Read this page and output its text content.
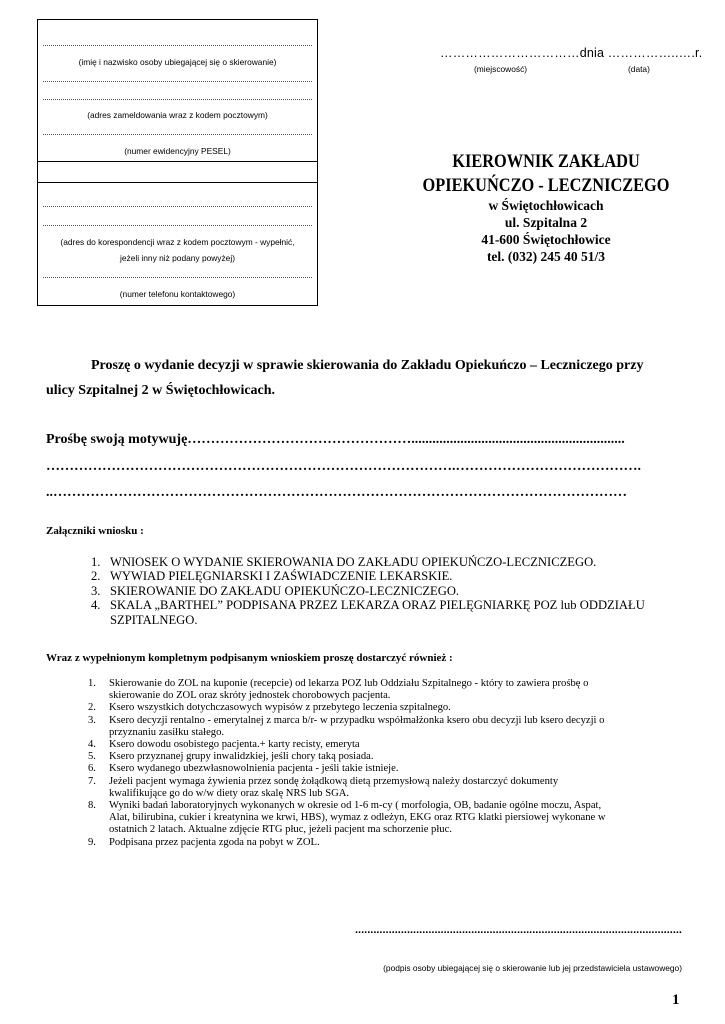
(imię i nazwisko osoby ubiegającej się o skierowanie)
(adres zameldowania wraz z kodem pocztowym)
(numer ewidencyjny PESEL)
(adres do korespondencji wraz z kodem pocztowym - wypełnić,
jeżeli inny niż podany powyżej)
(numer telefonu kontaktowego)
……………………………dnia ……………..….r.
(miejscowość)	(data)
KIEROWNIK ZAKŁADU
OPIEKUŃCZO - LECZNICZEGO
w Świętochłowicach
ul. Szpitalna 2
41-600 Świętochłowice
tel. (032) 245 40 51/3

Proszę o wydanie decyzji w sprawie skierowania do Zakładu Opiekuńczo – Leczniczego przy

ulicy Szpitalnej 2 w Świętochłowicach.

Prośbę swoją motywuję………………………………………….............................................................
…………………………………………………………………………….………………………………….
..……………………………………………………………………………………………………………
Załączniki wniosku :
1. WNIOSEK O WYDANIE SKIEROWANIA DO ZAKŁADU OPIEKUŃCZO-LECZNICZEGO.
2. WYWIAD PIELĘGNIARSKI I ZAŚWIADCZENIE LEKARSKIE.
3. SKIEROWANIE DO ZAKŁADU OPIEKUŃCZO-LECZNICZEGO.
4. SKALA „BARTHEL” PODPISANA PRZEZ LEKARZA ORAZ PIELĘGNIARKĘ POZ lub ODDZIAŁU
SZPITALNEGO.
Wraz z wypełnionym kompletnym podpisanym wnioskiem proszę dostarczyć również :
1. Skierowanie do ZOL na kuponie (recepcie) od lekarza POZ lub Oddziału Szpitalnego - który to zawiera prośbę o
skierowanie do ZOL oraz skróty jednostek chorobowych pacjenta.
2. Ksero wszystkich dotychczasowych wypisów z przebytego leczenia szpitalnego.
3. Ksero decyzji rentalno - emerytalnej z marca b/r- w przypadku współmałżonka ksero obu decyzji lub ksero decyzji o
przyznaniu zasiłku stałego.
4. Ksero dowodu osobistego pacjenta.+ karty recisty, emeryta
5. Ksero przyznanej grupy inwalidzkiej, jeśli chory taką posiada.
6. Ksero wydanego ubezwłasnowolnienia pacjenta - jeśli takie istnieje.
7. Jeżeli pacjent wymaga żywienia przez sondę żołądkową dietą przemysłową należy dostarczyć dokumenty
kwalifikujące go do w/w diety oraz skalę NRS lub SGA.
8. Wyniki badań laboratoryjnych wykonanych w okresie od 1-6 m-cy ( morfologia, OB, badanie ogólne moczu, Aspat,
Alat, bilirubina, cukier i kreatynina we krwi, HBS), wymaz z odleżyn, EKG oraz RTG klatki piersiowej wykonane w
ostatnich 2 latach. Aktualne zdjęcie RTG płuc, jeżeli pacjent ma schorzenie płuc.
9. Podpisana przez pacjenta zgoda na pobyt w ZOL.
...........................................................................................................
(podpis osoby ubiegającej się o skierowanie lub jej przedstawiciela ustawowego)
1
